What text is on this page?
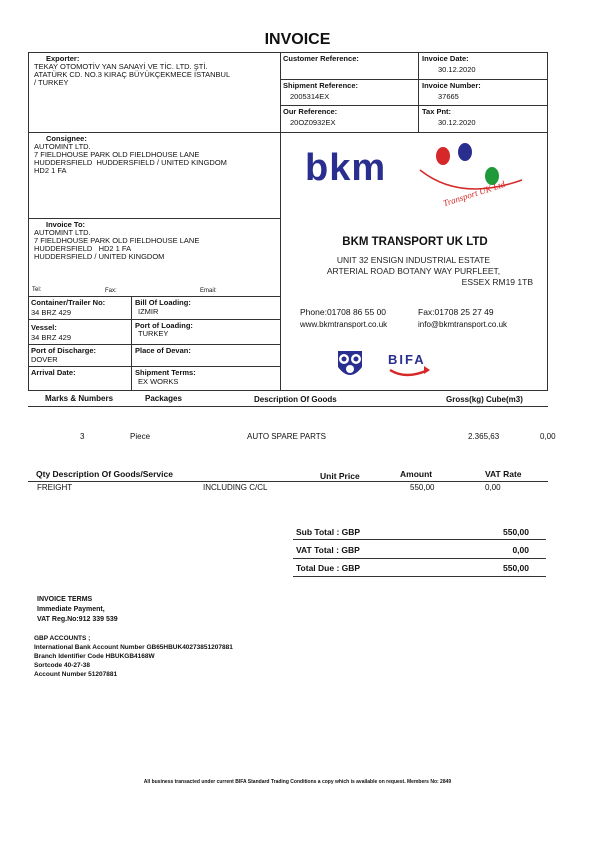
INVOICE
Exporter:
TEKAY OTOMOTİV YAN SANAYİ VE TİC. LTD. ŞTİ.
ATATÜRK CD. NO.3 KIRAÇ BÜYÜKÇEKMECE İSTANBUL
/ TURKEY
Customer Reference:	Invoice Date:
30.12.2020
Shipment Reference:
2005314EX
Invoice Number:
37665
Our Reference:
20OZ0932EX
Tax Pnt:
30.12.2020
Consignee:
AUTOMINT LTD.
7 FIELDHOUSE PARK OLD FIELDHOUSE LANE
HUDDERSFIELD  HUDDERSFIELD / UNITED KINGDOM
HD2 1 FA
Invoice To:
AUTOMINT LTD.
7 FIELDHOUSE PARK OLD FIELDHOUSE LANE
HUDDERSFIELD   HD2 1 FA
HUDDERSFIELD / UNITED KINGDOM
Tel:	Fax:	Email:
Container/Trailer No:
34 BRZ 429
Bill Of Loading:
IZMIR
Vessel:
34 BRZ 429
Port of Loading:
TURKEY
Port of Discharge:
DOVER
Place of Devan:
Arrival Date:	Shipment Terms:
EX WORKS
bkm
Transport UK Ltd
BKM TRANSPORT UK LTD
UNIT 32 ENSIGN INDUSTRIAL ESTATE
ARTERIAL ROAD BOTANY WAY PURFLEET,
ESSEX RM19 1TB
Phone:01708 86 55 00	Fax:01708 25 27 49
www.bkmtransport.co.uk	info@bkmtransport.co.uk
BIFA
Marks & Numbers	Packages	Description Of Goods	Gross(kg) Cube(m3)
3	Piece	AUTO SPARE PARTS	2.365,63	0,00
Qty Description Of Goods/Service	Unit Price	Amount	VAT Rate
FREIGHT	INCLUDING C/CL	550,00	0,00
Sub Total : GBP	550,00
VAT Total : GBP	0,00
Total Due : GBP	550,00
INVOICE TERMS
Immediate Payment,
VAT Reg.No:912 339 539
GBP ACCOUNTS ;
International Bank Account Number GB65HBUK40273851207881
Branch Identifier Code HBUKGB4168W
Sortcode 40-27-38
Account Number 51207881
All business transacted under current BIFA Standard Trading Conditions a copy which is available on request. Members No: 2849
